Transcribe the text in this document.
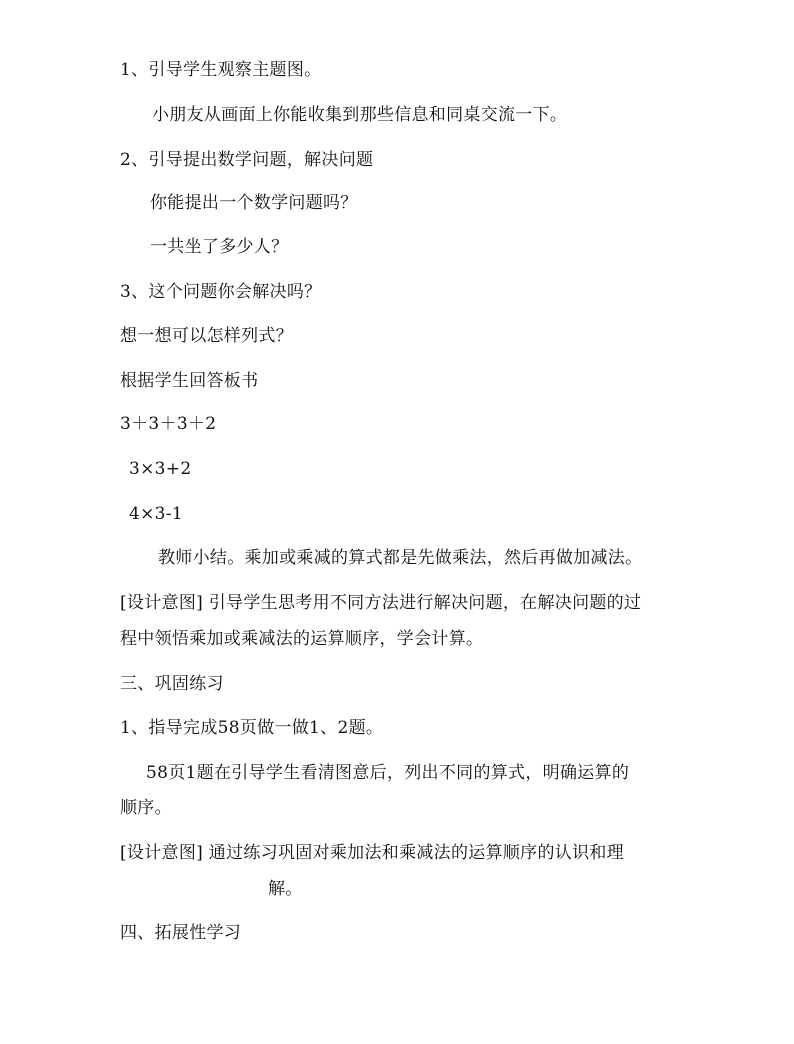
1、引导学生观察主题图。
小朋友从画面上你能收集到那些信息和同桌交流一下。
2、引导提出数学问题，解决问题
你能提出一个数学问题吗？
一共坐了多少人？
3、这个问题你会解决吗？
想一想可以怎样列式？
根据学生回答板书
3＋3＋3＋2
3×3+2
4×3-1
教师小结。乘加或乘减的算式都是先做乘法，然后再做加减法。
[设计意图] 引导学生思考用不同方法进行解决问题，在解决问题的过
程中领悟乘加或乘减法的运算顺序，学会计算。
三、巩固练习
1、指导完成58页做一做1、2题。
58页1题在引导学生看清图意后，列出不同的算式，明确运算的
顺序。
[设计意图] 通过练习巩固对乘加法和乘减法的运算顺序的认识和理
解。
四、拓展性学习
